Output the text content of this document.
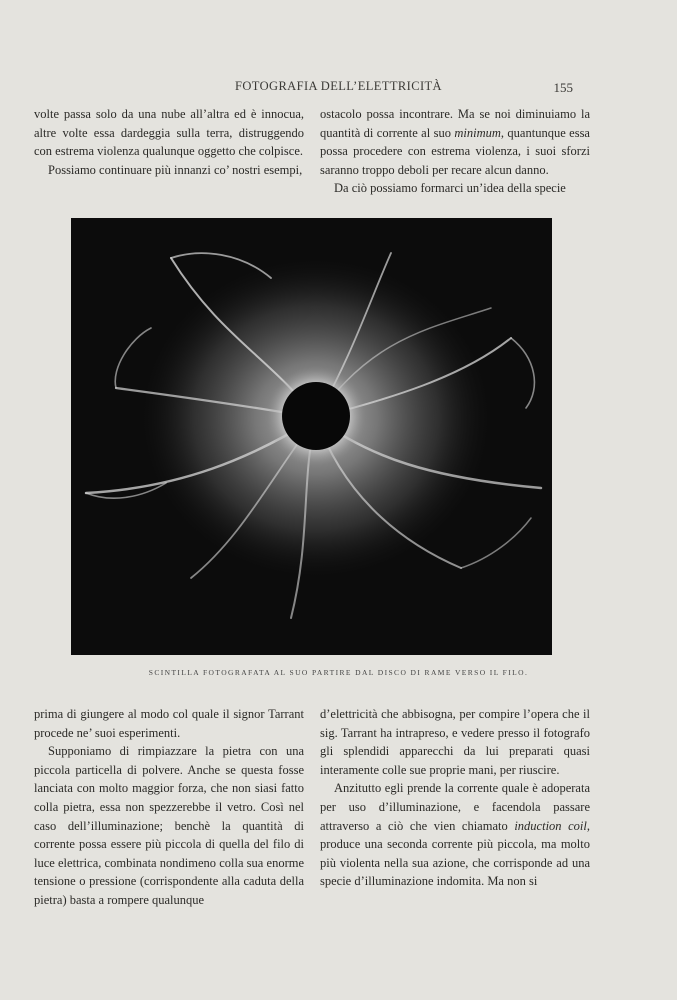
FOTOGRAFIA DELL’ELETTRICITÀ	155

volte passa solo da una nube all’altra ed è innocua, altre volte essa dardeggia sulla terra, distruggendo con estrema violenza qualunque oggetto che colpisce.

Possiamo continuare più innanzi co’ nostri esempi,

ostacolo possa incontrare. Ma se noi diminuiamo la quantità di corrente al suo minimum, quantunque essa possa procedere con estrema violenza, i suoi sforzi saranno troppo deboli per recare alcun danno.

Da ciò possiamo formarci un’idea della specie

SCINTILLA FOTOGRAFATA AL SUO PARTIRE DAL DISCO DI RAME VERSO IL FILO.

prima di giungere al modo col quale il signor Tarrant procede ne’ suoi esperimenti.

Supponiamo di rimpiazzare la pietra con una piccola particella di polvere. Anche se questa fosse lanciata con molto maggior forza, che non siasi fatto colla pietra, essa non spezzerebbe il vetro. Così nel caso dell’illuminazione; benchè la quantità di corrente possa essere più piccola di quella del filo di luce elettrica, combinata nondimeno colla sua enorme tensione o pressione (corrispondente alla caduta della pietra) basta a rompere qualunque

d’elettricità che abbisogna, per compire l’opera che il sig. Tarrant ha intrapreso, e vedere presso il fotografo gli splendidi apparecchi da lui preparati quasi interamente colle sue proprie mani, per riuscire.

Anzitutto egli prende la corrente quale è adoperata per uso d’illuminazione, e facendola passare attraverso a ciò che vien chiamato induction coil, produce una seconda corrente più piccola, ma molto più violenta nella sua azione, che corrisponde ad una specie d’illuminazione indomita. Ma non si
